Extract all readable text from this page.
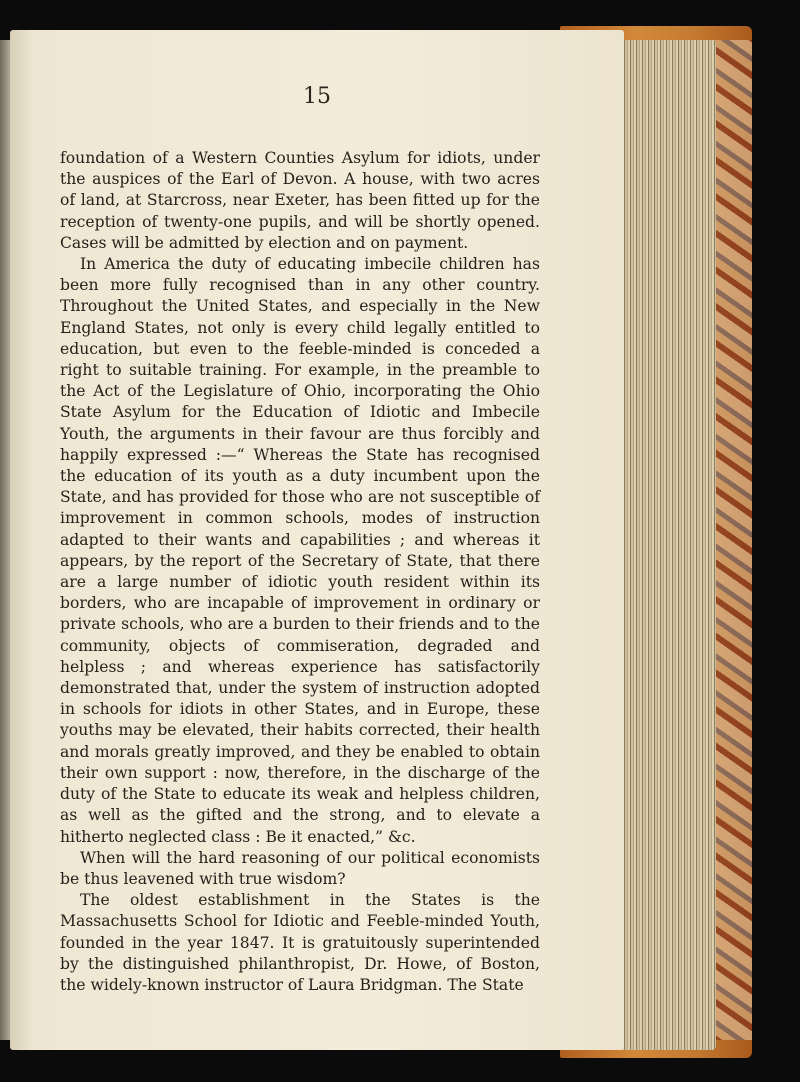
15

foundation of a Western Counties Asylum for idiots, under the auspices of the Earl of Devon. A house, with two acres of land, at Starcross, near Exeter, has been fitted up for the reception of twenty-one pupils, and will be shortly opened. Cases will be admitted by election and on payment.

In America the duty of educating imbecile children has been more fully recognised than in any other country. Throughout the United States, and especially in the New England States, not only is every child legally entitled to education, but even to the feeble-minded is conceded a right to suitable training. For example, in the preamble to the Act of the Legislature of Ohio, incorporating the Ohio State Asylum for the Education of Idiotic and Imbecile Youth, the arguments in their favour are thus forcibly and happily expressed :—“ Whereas the State has recognised the education of its youth as a duty incumbent upon the State, and has provided for those who are not susceptible of improvement in common schools, modes of instruction adapted to their wants and capabilities ; and whereas it appears, by the report of the Secretary of State, that there are a large number of idiotic youth resident within its borders, who are incapable of improvement in ordinary or private schools, who are a burden to their friends and to the community, objects of commiseration, degraded and helpless ; and whereas experience has satisfactorily demonstrated that, under the system of instruction adopted in schools for idiots in other States, and in Europe, these youths may be elevated, their habits corrected, their health and morals greatly improved, and they be enabled to obtain their own support : now, therefore, in the discharge of the duty of the State to educate its weak and helpless children, as well as the gifted and the strong, and to elevate a hitherto neglected class : Be it enacted,” &c.

When will the hard reasoning of our political economists be thus leavened with true wisdom?

The oldest establishment in the States is the Massachusetts School for Idiotic and Feeble-minded Youth, founded in the year 1847. It is gratuitously superintended by the distinguished philanthropist, Dr. Howe, of Boston, the widely-known instructor of Laura Bridgman. The State
